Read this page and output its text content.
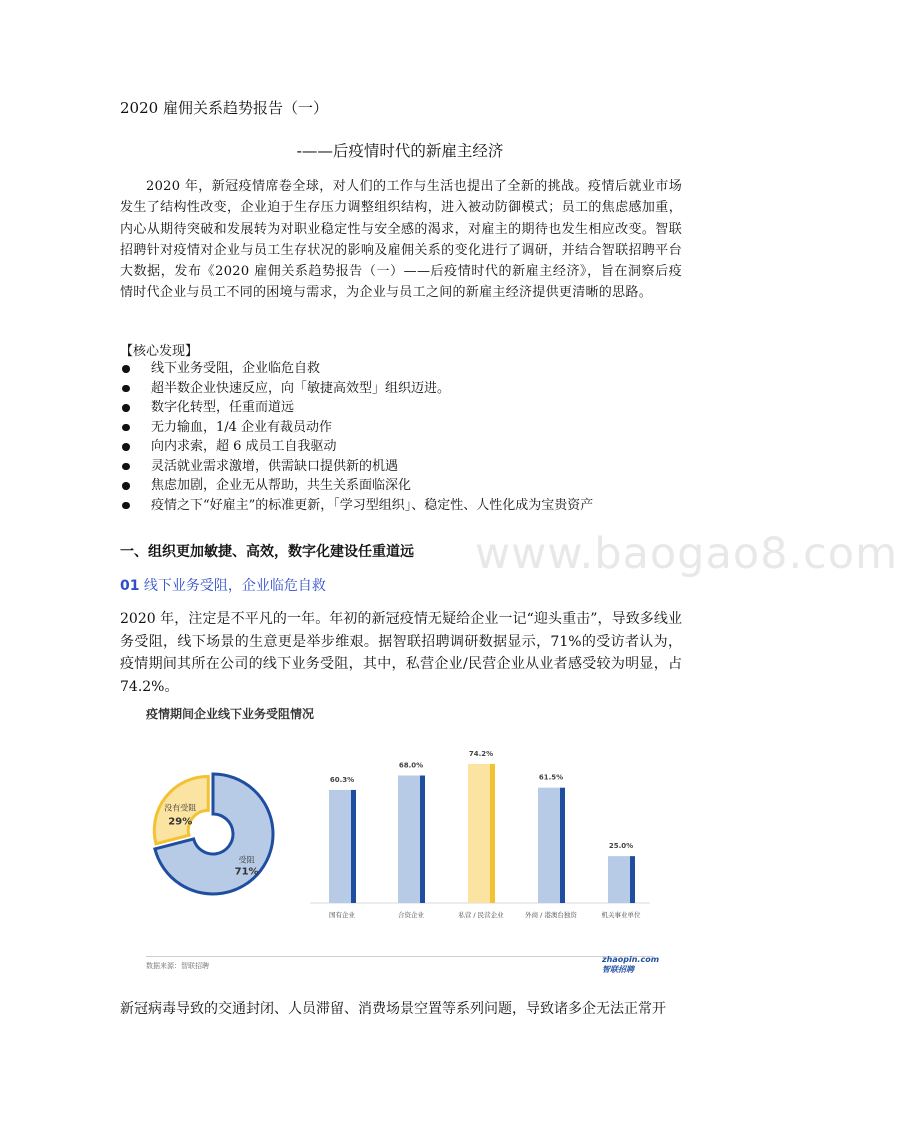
2020 雇佣关系趋势报告（一）
-——后疫情时代的新雇主经济
2020 年，新冠疫情席卷全球，对人们的工作与生活也提出了全新的挑战。疫情后就业市场发生了结构性改变，企业迫于生存压力调整组织结构，进入被动防御模式；员工的焦虑感加重，内心从期待突破和发展转为对职业稳定性与安全感的渴求，对雇主的期待也发生相应改变。智联招聘针对疫情对企业与员工生存状况的影响及雇佣关系的变化进行了调研，并结合智联招聘平台大数据，发布《2020 雇佣关系趋势报告（一）——后疫情时代的新雇主经济》，旨在洞察后疫情时代企业与员工不同的困境与需求，为企业与员工之间的新雇主经济提供更清晰的思路。
【核心发现】
线下业务受阻，企业临危自救
超半数企业快速反应，向「敏捷高效型」组织迈进。
数字化转型，任重而道远
无力输血，1/4 企业有裁员动作
向内求索，超 6 成员工自我驱动
灵活就业需求激增，供需缺口提供新的机遇
焦虑加剧，企业无从帮助，共生关系面临深化
疫情之下“好雇主”的标准更新，「学习型组织」、稳定性、人性化成为宝贵资产
www.baogao8.com
一、组织更加敏捷、高效，数字化建设任重道远
01 线下业务受阻，企业临危自救
2020 年，注定是不平凡的一年。年初的新冠疫情无疑给企业一记“迎头重击”，导致多线业务受阻，线下场景的生意更是举步维艰。据智联招聘调研数据显示，71%的受访者认为，疫情期间其所在公司的线下业务受阻，其中，私营企业/民营企业从业者感受较为明显，占74.2%。
受阻
71%
没有受阻
29%
60.3%
国有企业
68.0%
合资企业
74.2%
私营 / 民营企业
61.5%
外商 / 港澳台独资
25.0%
机关事业单位
疫情期间企业线下业务受阻情况
数据来源：智联招聘
zhaopin.com 智联招聘
新冠病毒导致的交通封闭、人员滞留、消费场景空置等系列问题，导致诸多企无法正常开
